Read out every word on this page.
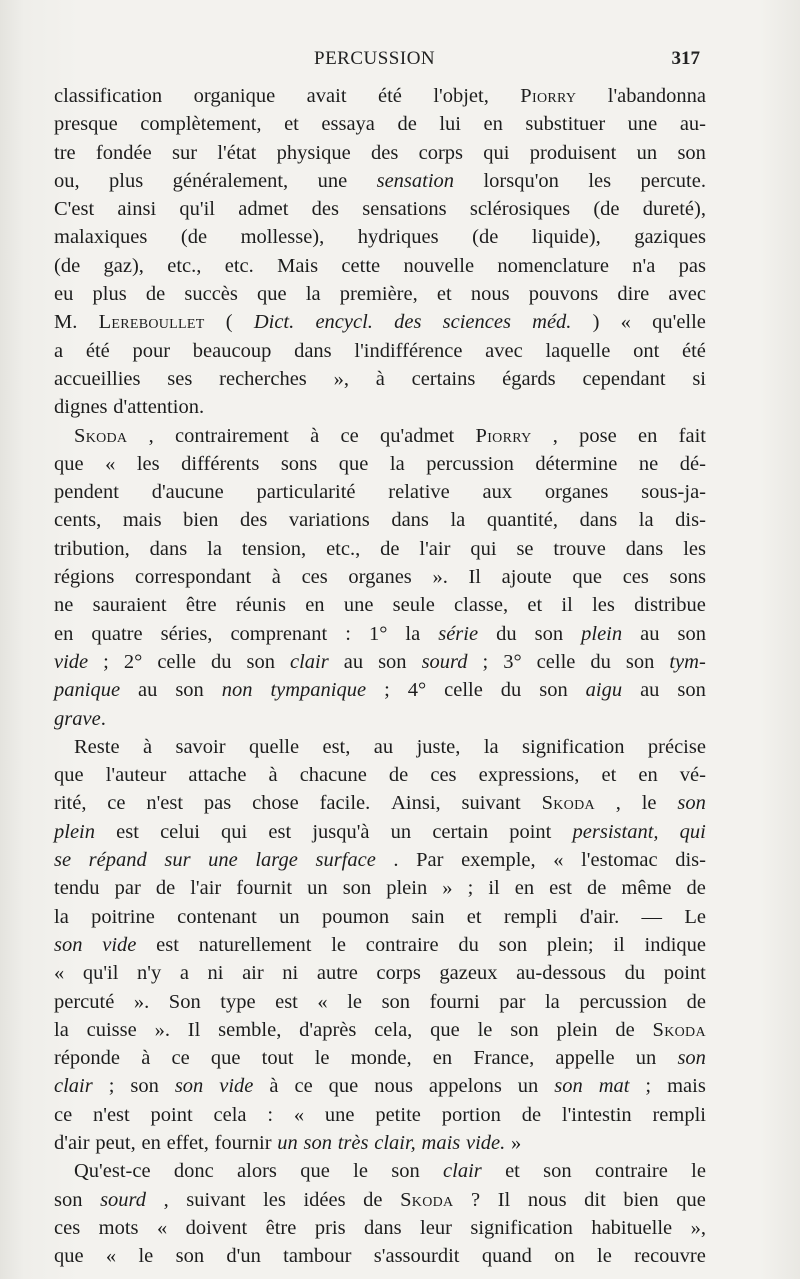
PERCUSSION	317
classification organique avait été l'objet, Piorry l'abandonna
presque complètement, et essaya de lui en substituer une au-
tre fondée sur l'état physique des corps qui produisent un son
ou, plus généralement, une sensation lorsqu'on les percute.
C'est ainsi qu'il admet des sensations sclérosiques (de dureté),
malaxiques (de mollesse), hydriques (de liquide), gaziques
(de gaz), etc., etc. Mais cette nouvelle nomenclature n'a pas
eu plus de succès que la première, et nous pouvons dire avec
M. Lereboullet ( Dict. encycl. des sciences méd. ) « qu'elle
a été pour beaucoup dans l'indifférence avec laquelle ont été
accueillies ses recherches », à certains égards cependant si
dignes d'attention.
Skoda , contrairement à ce qu'admet Piorry , pose en fait
que « les différents sons que la percussion détermine ne dé-
pendent d'aucune particularité relative aux organes sous-ja-
cents, mais bien des variations dans la quantité, dans la dis-
tribution, dans la tension, etc., de l'air qui se trouve dans les
régions correspondant à ces organes ». Il ajoute que ces sons
ne sauraient être réunis en une seule classe, et il les distribue
en quatre séries, comprenant : 1° la série du son plein au son
vide ; 2° celle du son clair au son sourd ; 3° celle du son tym-
panique au son non tympanique ; 4° celle du son aigu au son
grave .
Reste à savoir quelle est, au juste, la signification précise
que l'auteur attache à chacune de ces expressions, et en vé-
rité, ce n'est pas chose facile. Ainsi, suivant Skoda , le son
plein est celui qui est jusqu'à un certain point persistant, qui
se répand sur une large surface . Par exemple, « l'estomac dis-
tendu par de l'air fournit un son plein » ; il en est de même de
la poitrine contenant un poumon sain et rempli d'air. — Le
son vide est naturellement le contraire du son plein; il indique
« qu'il n'y a ni air ni autre corps gazeux au-dessous du point
percuté ». Son type est « le son fourni par la percussion de
la cuisse ». Il semble, d'après cela, que le son plein de Skoda
réponde à ce que tout le monde, en France, appelle un son
clair ; son son vide à ce que nous appelons un son mat ; mais
ce n'est point cela : « une petite portion de l'intestin rempli
d'air peut, en effet, fournir un son très clair, mais vide. »
Qu'est-ce donc alors que le son clair et son contraire le
son sourd , suivant les idées de Skoda ? Il nous dit bien que
ces mots « doivent être pris dans leur signification habituelle »,
que « le son d'un tambour s'assourdit quand on le recouvre
